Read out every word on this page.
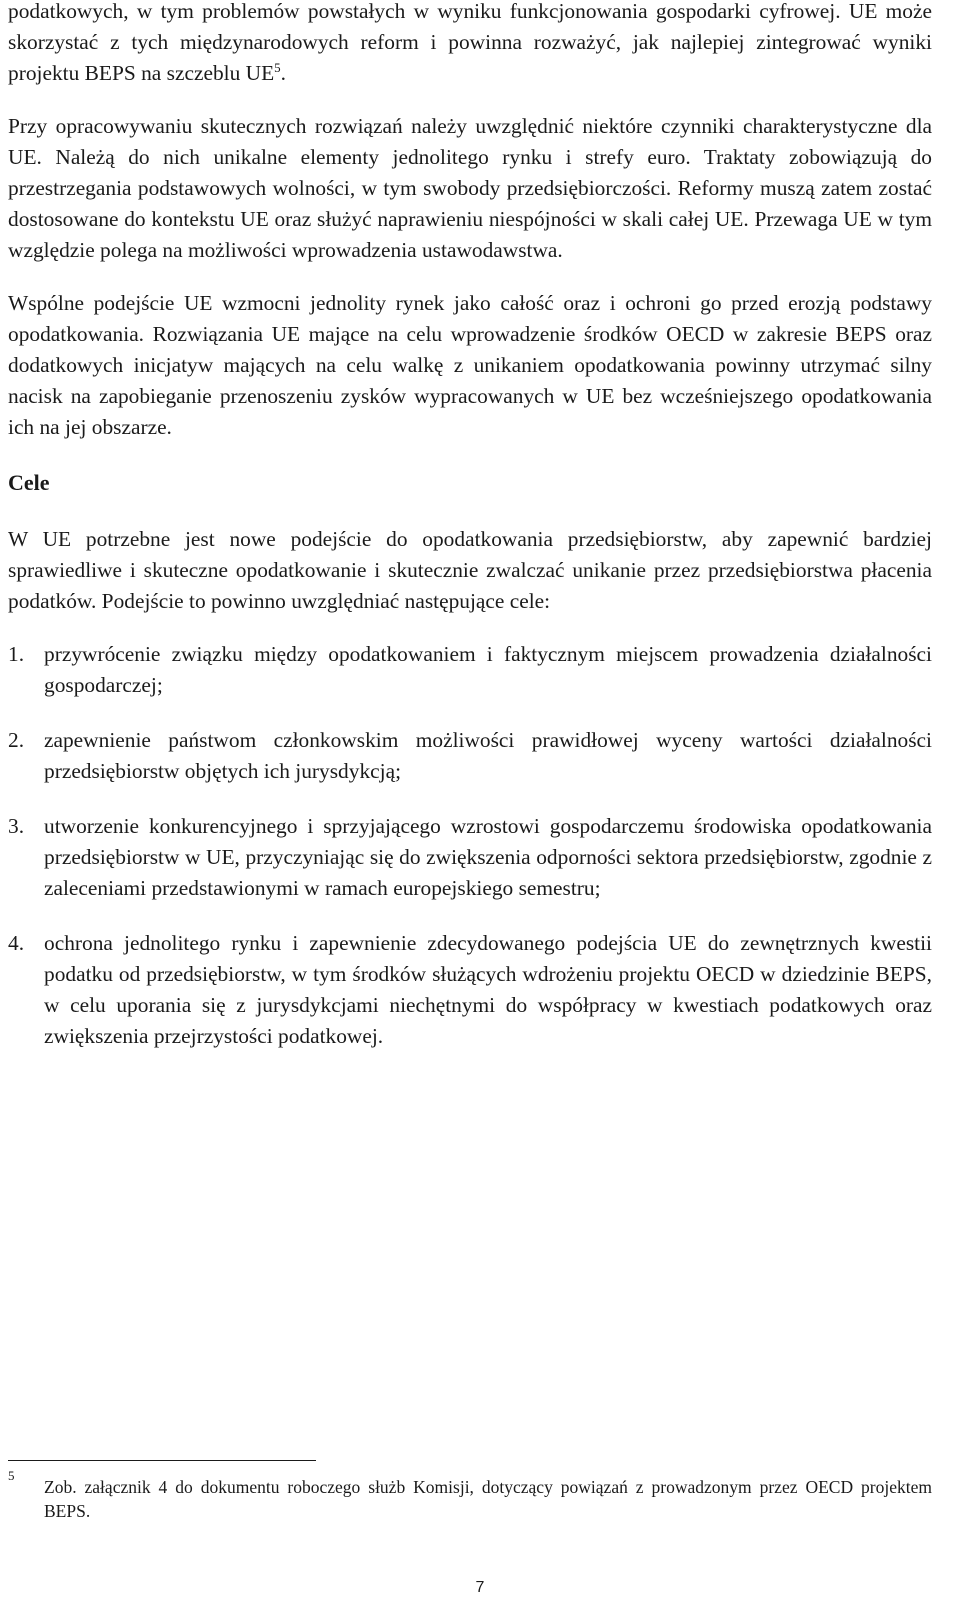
podatkowych, w tym problemów powstałych w wyniku funkcjonowania gospodarki cyfrowej. UE może skorzystać z tych międzynarodowych reform i powinna rozważyć, jak najlepiej zintegrować wyniki projektu BEPS na szczeblu $UE^5$.

Przy opracowywaniu skutecznych rozwiązań należy uwzględnić niektóre czynniki charakterystyczne dla UE. Należą do nich unikalne elementy jednolitego rynku i strefy euro. Traktaty zobowiązują do przestrzegania podstawowych wolności, w tym swobody przedsiębiorczości. Reformy muszą zatem zostać dostosowane do kontekstu UE oraz służyć naprawieniu niespójności w skali całej UE. Przewaga UE w tym względzie polega na możliwości wprowadzenia ustawodawstwa.

Wspólne podejście UE wzmocni jednolity rynek jako całość oraz i ochroni go przed erozją podstawy opodatkowania. Rozwiązania UE mające na celu wprowadzenie środków OECD w zakresie BEPS oraz dodatkowych inicjatyw mających na celu walkę z unikaniem opodatkowania powinny utrzymać silny nacisk na zapobieganie przenoszeniu zysków wypracowanych w UE bez wcześniejszego opodatkowania ich na jej obszarze.

Cele

W UE potrzebne jest nowe podejście do opodatkowania przedsiębiorstw, aby zapewnić bardziej sprawiedliwe i skuteczne opodatkowanie i skutecznie zwalczać unikanie przez przedsiębiorstwa płacenia podatków. Podejście to powinno uwzględniać następujące cele:

1. przywrócenie związku między opodatkowaniem i faktycznym miejscem prowadzenia działalności gospodarczej;
2. zapewnienie państwom członkowskim możliwości prawidłowej wyceny wartości działalności przedsiębiorstw objętych ich jurysdykcją;
3. utworzenie konkurencyjnego i sprzyjającego wzrostowi gospodarczemu środowiska opodatkowania przedsiębiorstw w UE, przyczyniając się do zwiększenia odporności sektora przedsiębiorstw, zgodnie z zaleceniami przedstawionymi w ramach europejskiego semestru;
4. ochrona jednolitego rynku i zapewnienie zdecydowanego podejścia UE do zewnętrznych kwestii podatku od przedsiębiorstw, w tym środków służących wdrożeniu projektu OECD w dziedzinie BEPS, w celu uporania się z jurysdykcjami niechętnymi do współpracy w kwestiach podatkowych oraz zwiększenia przejrzystości podatkowej.
5
Zob. załącznik 4 do dokumentu roboczego służb Komisji, dotyczący powiązań z prowadzonym przez OECD projektem BEPS.
7
